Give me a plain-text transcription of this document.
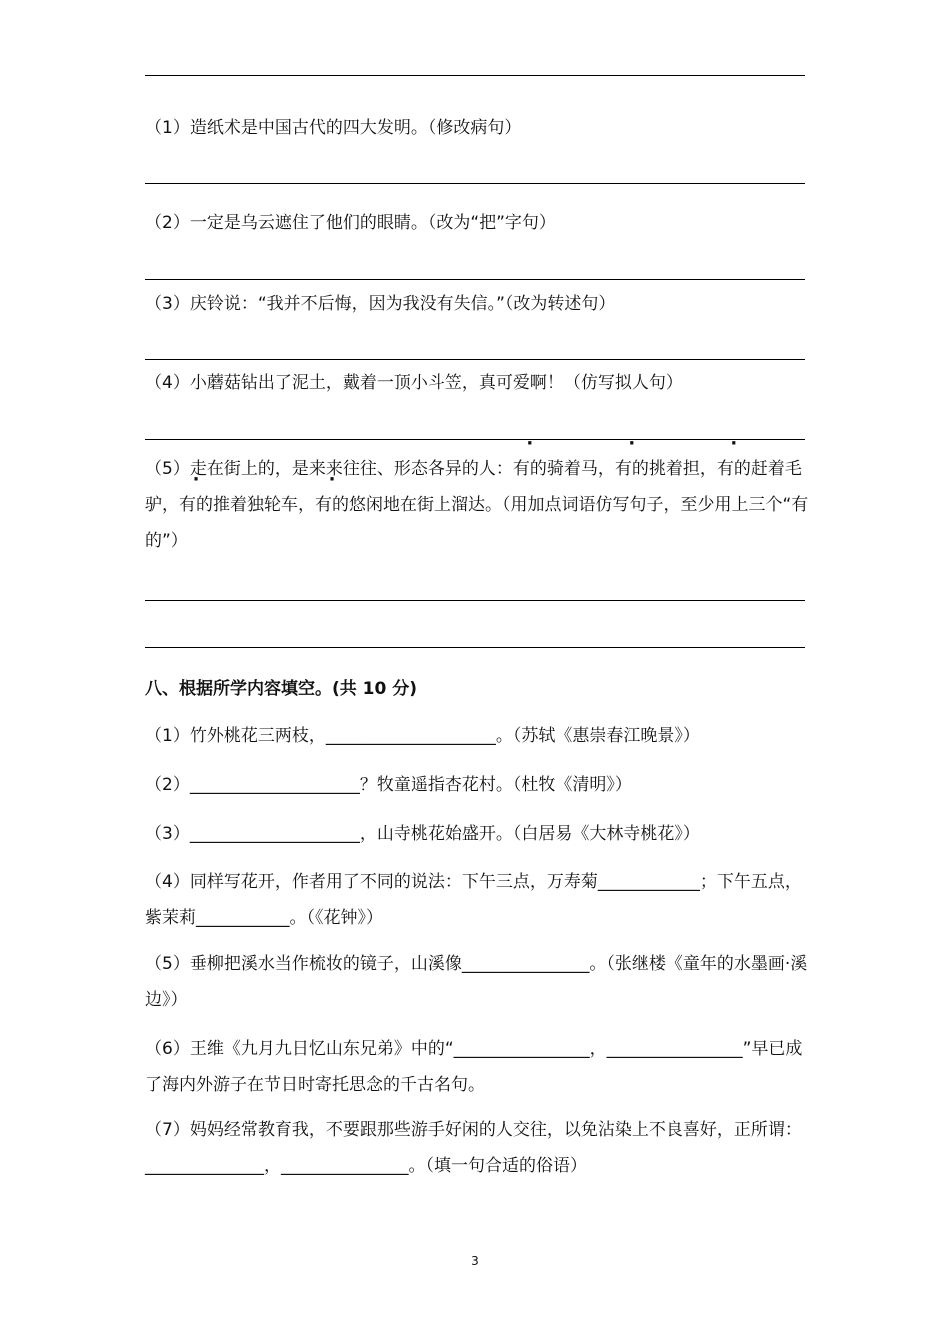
（1）造纸术是中国古代的四大发明。（修改病句）
（2）一定是乌云遮住了他们的眼睛。（改为“把”字句）
（3）庆铃说：“我并不后悔，因为我没有失信。”（改为转述句）
（4）小蘑菇钻出了泥土，戴着一顶小斗笠，真可爱啊！（仿写拟人句）
（5）走在街上的，是来来往往、形态各异的人：有的骑着马，有的挑着担，有的赶着毛驴，有的推着独轮车，有的悠闲地在街上溜达。（用加点词语仿写句子，至少用上三个“有的”）
八、根据所学内容填空。(共 10 分)
（1）竹外桃花三两枝，____________________。（苏轼《惠崇春江晚景》）
（2）____________________？牧童遥指杏花村。（杜牧《清明》）
（3）____________________，山寺桃花始盛开。（白居易《大林寺桃花》）
（4）同样写花开，作者用了不同的说法：下午三点，万寿菊____________；下午五点，紫茉莉___________。（《花钟》）
（5）垂柳把溪水当作梳妆的镜子，山溪像_______________。（张继楼《童年的水墨画·溪边》）
（6）王维《九月九日忆山东兄弟》中的“________________，________________”早已成了海内外游子在节日时寄托思念的千古名句。
（7）妈妈经常教育我，不要跟那些游手好闲的人交往，以免沾染上不良喜好，正所谓：______________，_______________。（填一句合适的俗语）
3
